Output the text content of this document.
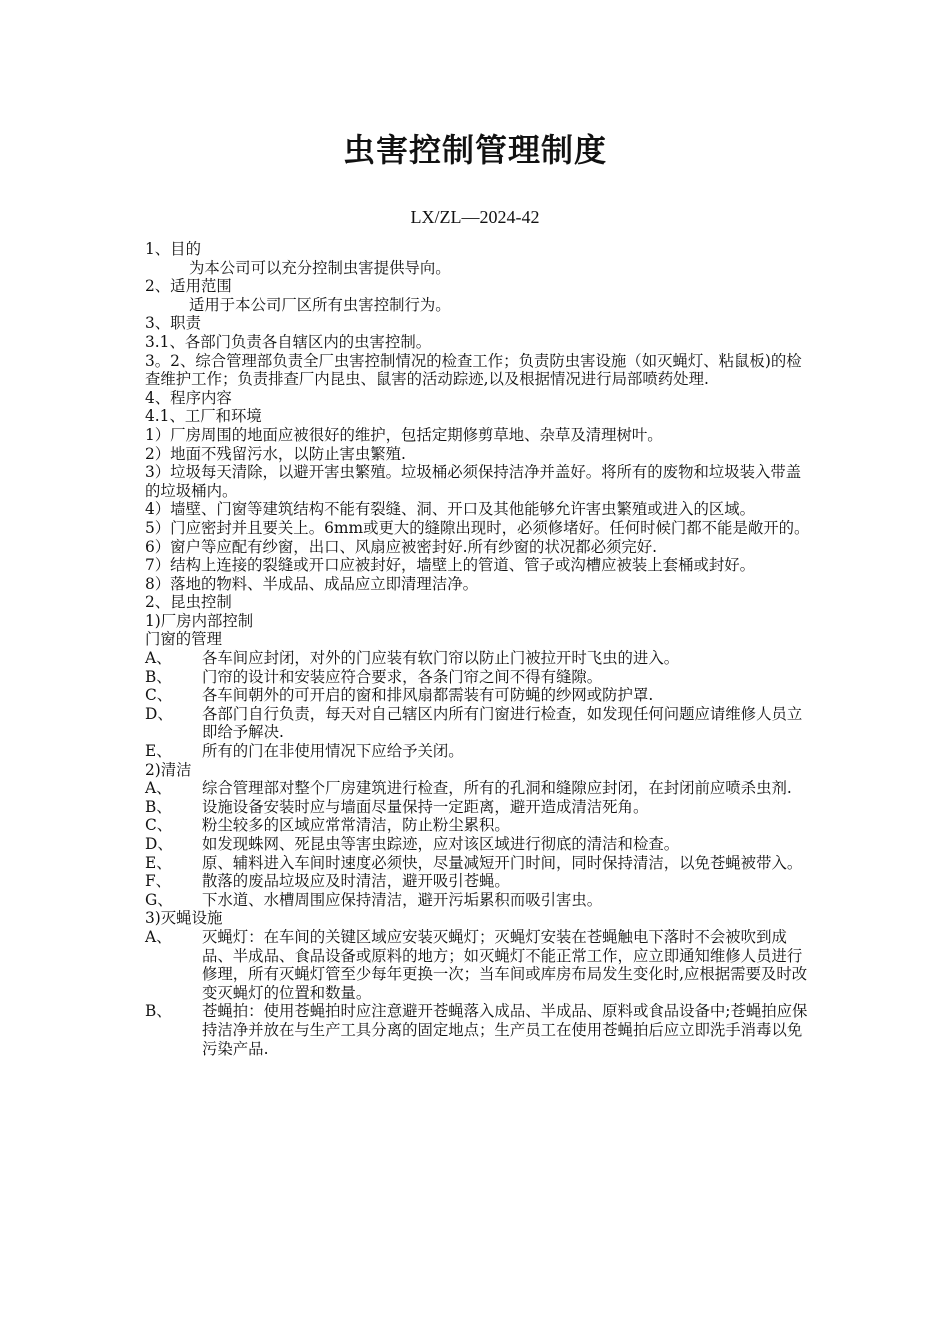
虫害控制管理制度
LX/ZL—2024-42

1、目的

为本公司可以充分控制虫害提供导向。

2、适用范围

适用于本公司厂区所有虫害控制行为。

3、职责

3.1、各部门负责各自辖区内的虫害控制。

3。2、综合管理部负责全厂虫害控制情况的检查工作；负责防虫害设施（如灭蝇灯、粘鼠板)的检查维护工作；负责排查厂内昆虫、鼠害的活动踪迹,以及根据情况进行局部喷药处理.

4、程序内容

4.1、工厂和环境

1）厂房周围的地面应被很好的维护，包括定期修剪草地、杂草及清理树叶。

2）地面不残留污水，以防止害虫繁殖.

3）垃圾每天清除，以避开害虫繁殖。垃圾桶必须保持洁净并盖好。将所有的废物和垃圾装入带盖的垃圾桶内。

4）墙壁、门窗等建筑结构不能有裂缝、洞、开口及其他能够允许害虫繁殖或进入的区域。

5）门应密封并且要关上。6mm或更大的缝隙出现时，必须修堵好。任何时候门都不能是敞开的。

6）窗户等应配有纱窗，出口、风扇应被密封好.所有纱窗的状况都必须完好.

7）结构上连接的裂缝或开口应被封好，墙壁上的管道、管子或沟槽应被装上套桶或封好。

8）落地的物料、半成品、成品应立即清理洁净。

2、昆虫控制

1)厂房内部控制

门窗的管理

A、	各车间应封闭，对外的门应装有软门帘以防止门被拉开时飞虫的进入。
B、	门帘的设计和安装应符合要求，各条门帘之间不得有缝隙。
C、	各车间朝外的可开启的窗和排风扇都需装有可防蝇的纱网或防护罩.
D、	各部门自行负责，每天对自己辖区内所有门窗进行检查，如发现任何问题应请维修人员立即给予解决.
E、	所有的门在非使用情况下应给予关闭。

2)清洁

A、	综合管理部对整个厂房建筑进行检查，所有的孔洞和缝隙应封闭，在封闭前应喷杀虫剂.
B、	设施设备安装时应与墙面尽量保持一定距离，避开造成清洁死角。
C、	粉尘较多的区域应常常清洁，防止粉尘累积。
D、	如发现蛛网、死昆虫等害虫踪迹，应对该区域进行彻底的清洁和检查。
E、	原、辅料进入车间时速度必须快，尽量减短开门时间，同时保持清洁，以免苍蝇被带入。
F、	散落的废品垃圾应及时清洁，避开吸引苍蝇。
G、	下水道、水槽周围应保持清洁，避开污垢累积而吸引害虫。

3)灭蝇设施

A、	灭蝇灯：在车间的关键区域应安装灭蝇灯；灭蝇灯安装在苍蝇触电下落时不会被吹到成品、半成品、食品设备或原料的地方；如灭蝇灯不能正常工作，应立即通知维修人员进行修理，所有灭蝇灯管至少每年更换一次；当车间或库房布局发生变化时,应根据需要及时改变灭蝇灯的位置和数量。
B、	苍蝇拍：使用苍蝇拍时应注意避开苍蝇落入成品、半成品、原料或食品设备中;苍蝇拍应保持洁净并放在与生产工具分离的固定地点；生产员工在使用苍蝇拍后应立即洗手消毒以免污染产品.
